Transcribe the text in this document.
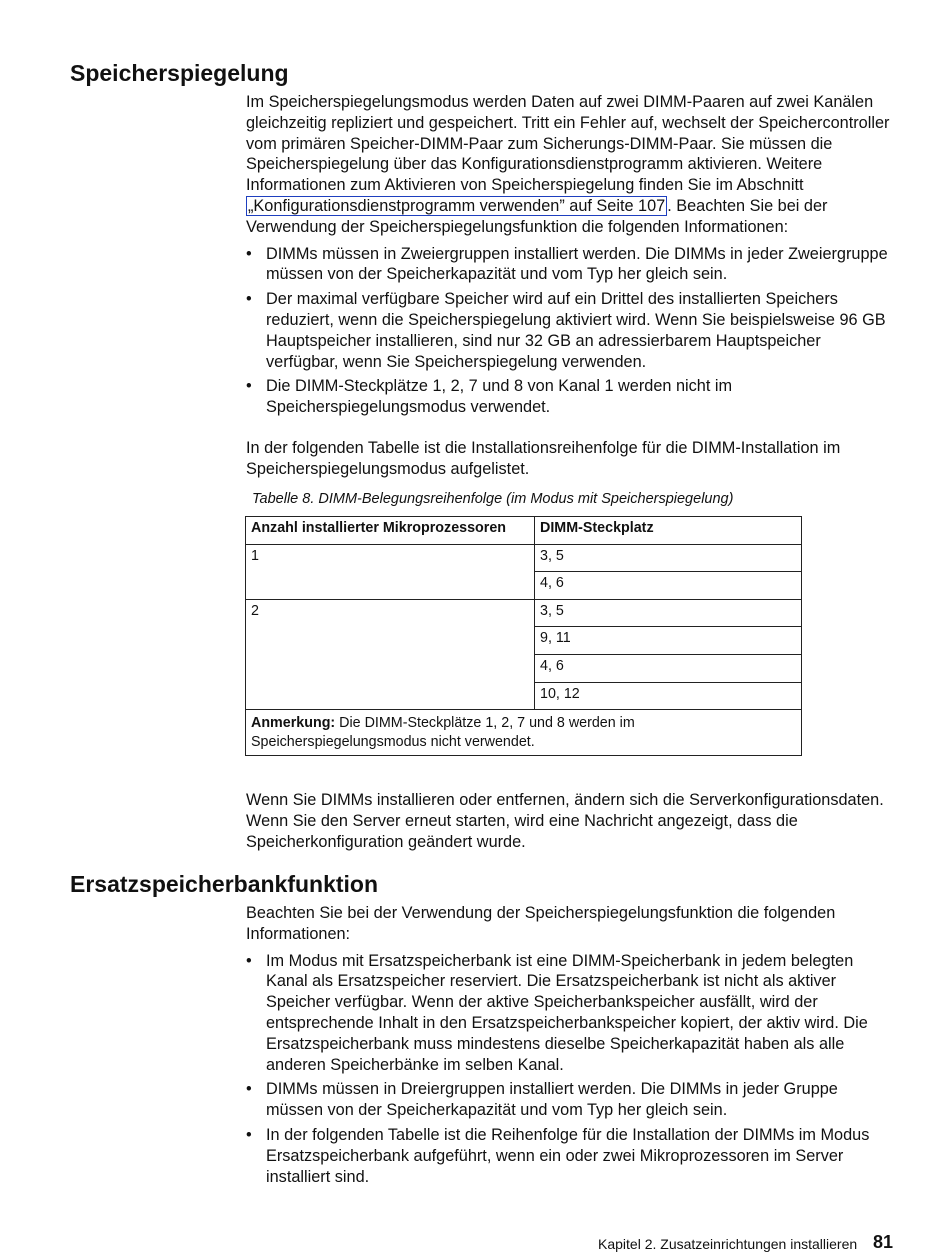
Speicherspiegelung

Im Speicherspiegelungsmodus werden Daten auf zwei DIMM-Paaren auf zwei Kanälen gleichzeitig repliziert und gespeichert. Tritt ein Fehler auf, wechselt der Speichercontroller vom primären Speicher-DIMM-Paar zum Sicherungs-DIMM-Paar. Sie müssen die Speicherspiegelung über das Konfigurationsdienstprogramm aktivieren. Weitere Informationen zum Aktivieren von Speicherspiegelung finden Sie im Abschnitt „Konfigurationsdienstprogramm verwenden” auf Seite 107 . Beachten Sie bei der Verwendung der Speicherspiegelungsfunktion die folgenden Informationen:

• DIMMs müssen in Zweiergruppen installiert werden. Die DIMMs in jeder Zweiergruppe müssen von der Speicherkapazität und vom Typ her gleich sein.
• Der maximal verfügbare Speicher wird auf ein Drittel des installierten Speichers reduziert, wenn die Speicherspiegelung aktiviert wird. Wenn Sie beispielsweise 96 GB Hauptspeicher installieren, sind nur 32 GB an adressierbarem Hauptspeicher verfügbar, wenn Sie Speicherspiegelung verwenden.
• Die DIMM-Steckplätze 1, 2, 7 und 8 von Kanal 1 werden nicht im Speicherspiegelungsmodus verwendet.
In der folgenden Tabelle ist die Installationsreihenfolge für die DIMM-Installation im Speicherspiegelungsmodus aufgelistet.
Tabelle 8. DIMM-Belegungsreihenfolge (im Modus mit Speicherspiegelung)
Anzahl installierter Mikroprozessoren	DIMM-Steckplatz
1	3, 5
	4, 6
2	3, 5
	9, 11
	4, 6
	10, 12
Anmerkung: Die DIMM-Steckplätze 1, 2, 7 und 8 werden im Speicherspiegelungsmodus nicht verwendet.	
Wenn Sie DIMMs installieren oder entfernen, ändern sich die Serverkonfigurationsdaten. Wenn Sie den Server erneut starten, wird eine Nachricht angezeigt, dass die Speicherkonfiguration geändert wurde.
Ersatzspeicherbankfunktion

Beachten Sie bei der Verwendung der Speicherspiegelungsfunktion die folgenden Informationen:

• Im Modus mit Ersatzspeicherbank ist eine DIMM-Speicherbank in jedem belegten Kanal als Ersatzspeicher reserviert. Die Ersatzspeicherbank ist nicht als aktiver Speicher verfügbar. Wenn der aktive Speicherbankspeicher ausfällt, wird der entsprechende Inhalt in den Ersatzspeicherbankspeicher kopiert, der aktiv wird. Die Ersatzspeicherbank muss mindestens dieselbe Speicherkapazität haben als alle anderen Speicherbänke im selben Kanal.
• DIMMs müssen in Dreiergruppen installiert werden. Die DIMMs in jeder Gruppe müssen von der Speicherkapazität und vom Typ her gleich sein.
• In der folgenden Tabelle ist die Reihenfolge für die Installation der DIMMs im Modus Ersatzspeicherbank aufgeführt, wenn ein oder zwei Mikroprozessoren im Server installiert sind.
Kapitel 2. Zusatzeinrichtungen installieren 81
